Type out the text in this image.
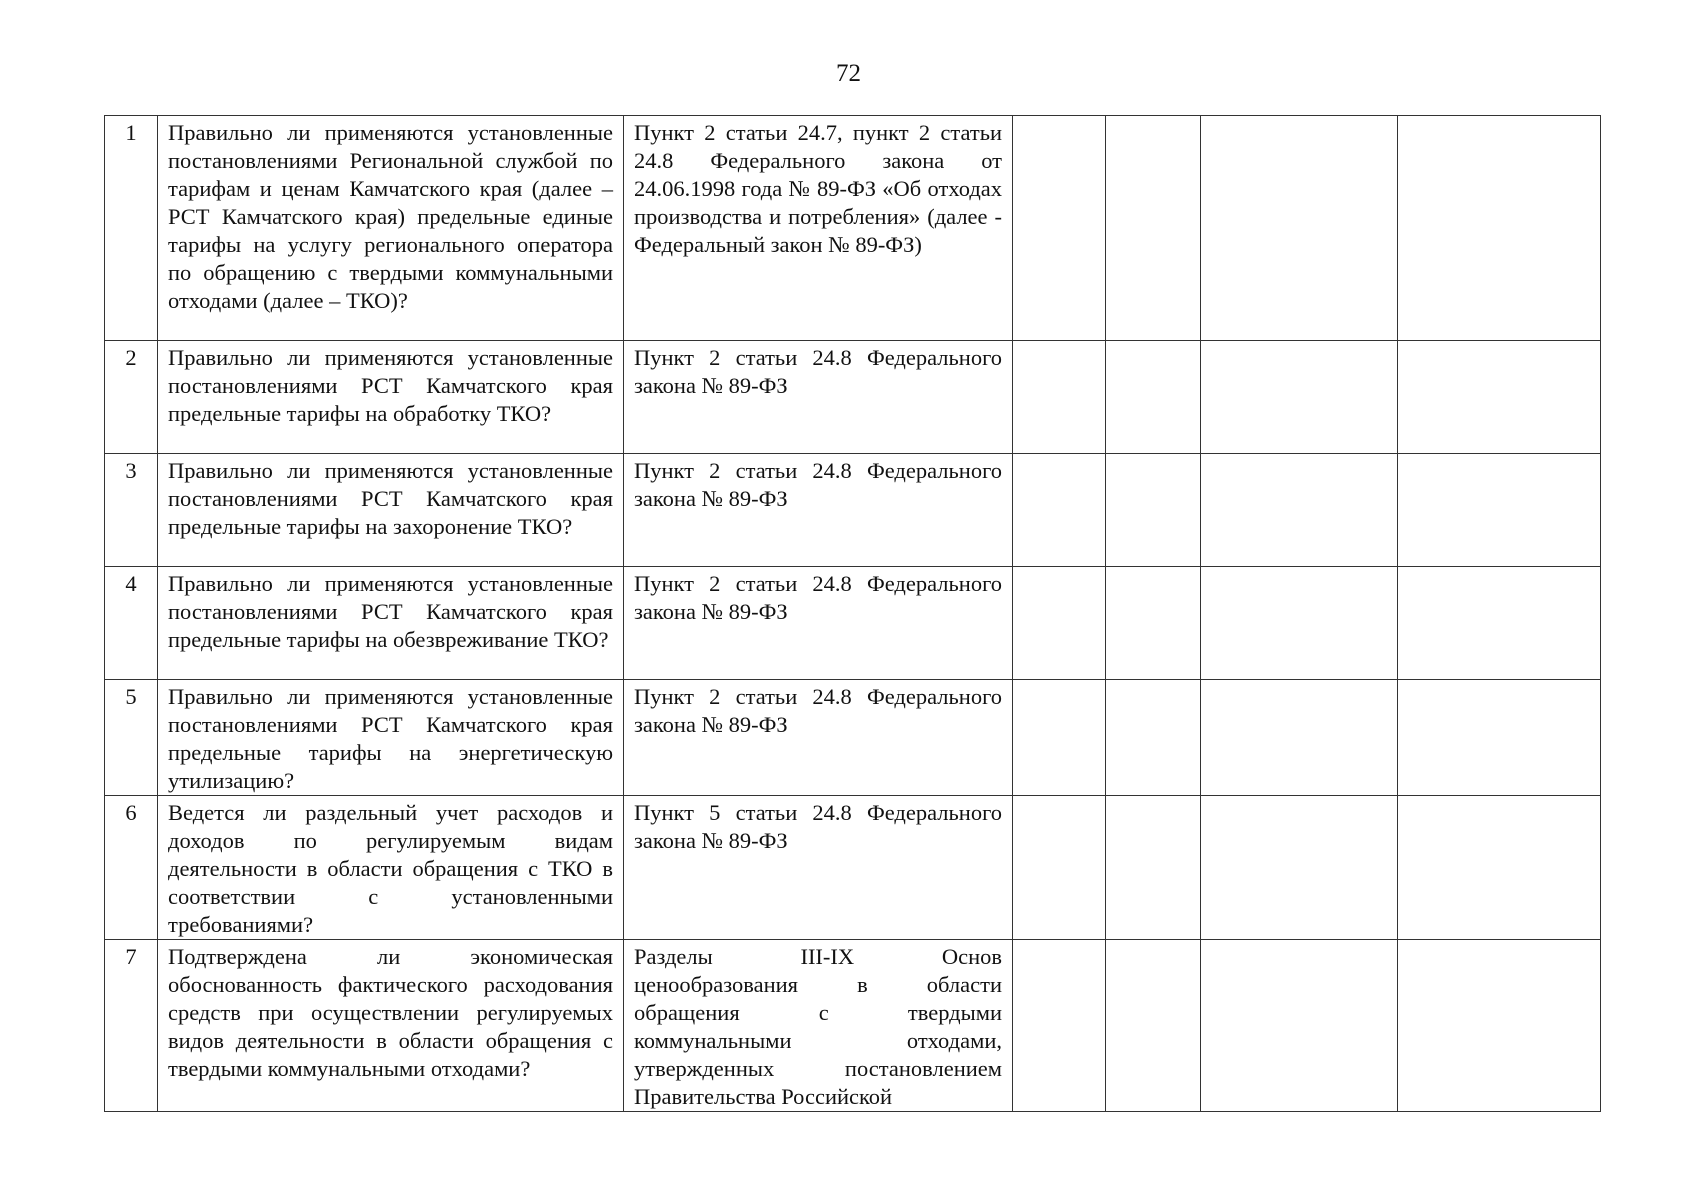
72
1	Правильно ли применяются установленные постановлениями Региональной службой по тарифам и ценам Камчатского края (далее – РСТ Камчатского края) предельные единые тарифы на услугу регионального оператора по обращению с твердыми коммунальными отходами (далее – ТКО)?	Пункт 2 статьи 24.7, пункт 2 статьи 24.8 Федерального закона от 24.06.1998 года № 89-ФЗ «Об отходах производства и потребления» (далее - Федеральный закон № 89-ФЗ)				
2	Правильно ли применяются установленные постановлениями РСТ Камчатского края предельные тарифы на обработку ТКО?	Пункт 2 статьи 24.8 Федерального закона № 89-ФЗ				
3	Правильно ли применяются установленные постановлениями РСТ Камчатского края предельные тарифы на захоронение ТКО?	Пункт 2 статьи 24.8 Федерального закона № 89-ФЗ				
4	Правильно ли применяются установленные постановлениями РСТ Камчатского края предельные тарифы на обезвреживание ТКО?	Пункт 2 статьи 24.8 Федерального закона № 89-ФЗ				
5	Правильно ли применяются установленные постановлениями РСТ Камчатского края предельные тарифы на энергетическую утилизацию?	Пункт 2 статьи 24.8 Федерального закона № 89-ФЗ				
6	Ведется ли раздельный учет расходов и доходов по регулируемым видам деятельности в области обращения с ТКО в соответствии с установленными требованиями?	Пункт 5 статьи 24.8 Федерального закона № 89-ФЗ				
7	Подтверждена ли экономическая обоснованность фактического расходования средств при осуществлении регулируемых видов деятельности в области обращения с твердыми коммунальными отходами?	Разделы III-IX Основ ценообразования в области обращения с твердыми коммунальными отходами, утвержденных постановлением Правительства Российской				
